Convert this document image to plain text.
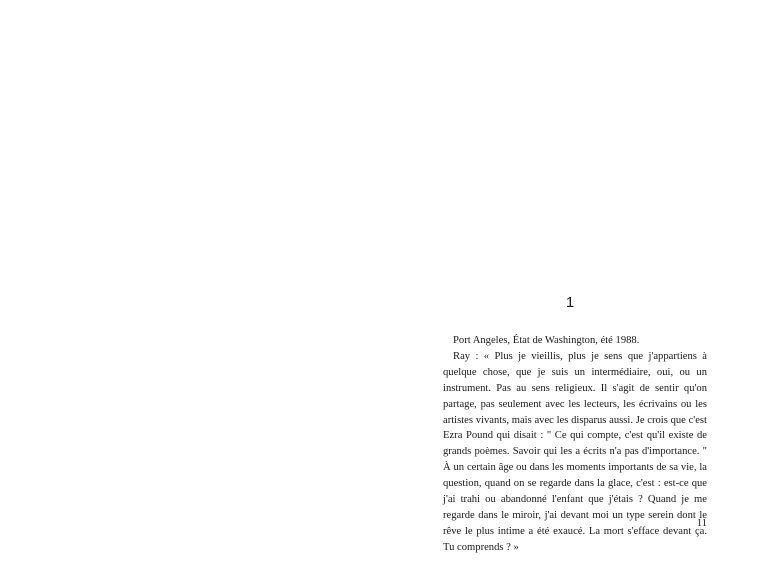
1

Port Angeles, État de Washington, été 1988.

Ray : « Plus je vieillis, plus je sens que j'appartiens à quelque chose, que je suis un intermédiaire, oui, ou un instrument. Pas au sens religieux. Il s'agit de sentir qu'on partage, pas seulement avec les lecteurs, les écrivains ou les artistes vivants, mais avec les disparus aussi. Je crois que c'est Ezra Pound qui disait : " Ce qui compte, c'est qu'il existe de grands poèmes. Savoir qui les a écrits n'a pas d'importance. " À un certain âge ou dans les moments importants de sa vie, la question, quand on se regarde dans la glace, c'est : est-ce que j'ai trahi ou abandonné l'enfant que j'étais ? Quand je me regarde dans le miroir, j'ai devant moi un type serein dont le rêve le plus intime a été exaucé. La mort s'efface devant ça. Tu comprends ? »

11
